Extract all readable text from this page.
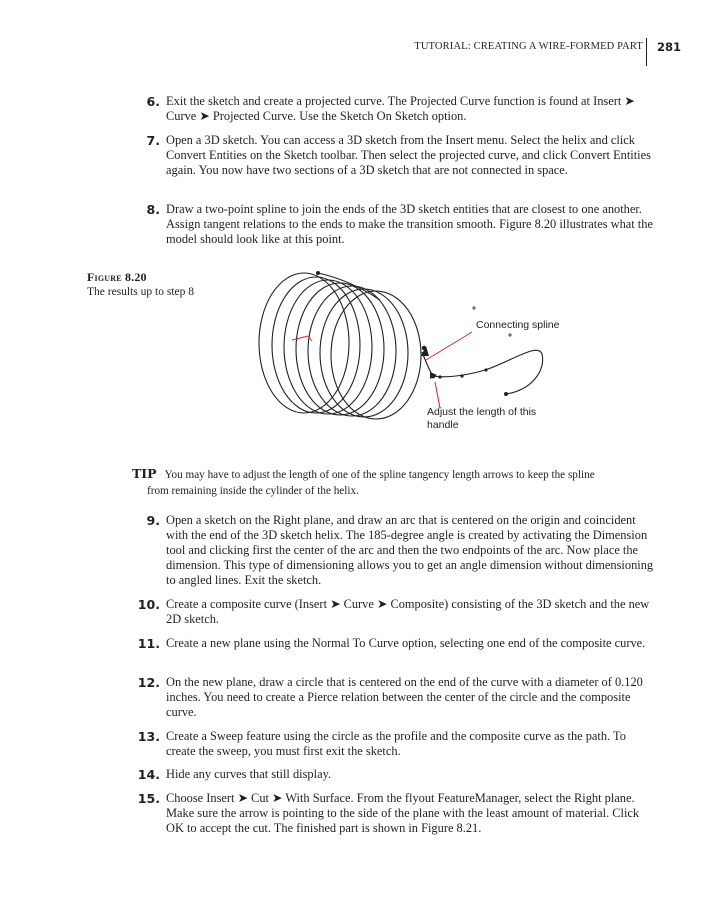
TUTORIAL: CREATING A WIRE-FORMED PART 281
6. Exit the sketch and create a projected curve. The Projected Curve function is found at Insert ➤ Curve ➤ Projected Curve. Use the Sketch On Sketch option.
7. Open a 3D sketch. You can access a 3D sketch from the Insert menu. Select the helix and click Convert Entities on the Sketch toolbar. Then select the projected curve, and click Convert Entities again. You now have two sections of a 3D sketch that are not connected in space.
8. Draw a two-point spline to join the ends of the 3D sketch entities that are closest to one another. Assign tangent relations to the ends to make the transition smooth. Figure 8.20 illustrates what the model should look like at this point.
Figure 8.20
The results up to step 8
Connecting spline
Adjust the length of this
handle
TIP You may have to adjust the length of one of the spline tangency length arrows to keep the spline
from remaining inside the cylinder of the helix.
9. Open a sketch on the Right plane, and draw an arc that is centered on the origin and coincident with the end of the 3D sketch helix. The 185-degree angle is created by activating the Dimension tool and clicking first the center of the arc and then the two endpoints of the arc. Now place the dimension. This type of dimensioning allows you to get an angle dimension without dimensioning to angled lines. Exit the sketch.
10. Create a composite curve (Insert ➤ Curve ➤ Composite) consisting of the 3D sketch and the new 2D sketch.
11. Create a new plane using the Normal To Curve option, selecting one end of the composite curve.
12. On the new plane, draw a circle that is centered on the end of the curve with a diameter of 0.120 inches. You need to create a Pierce relation between the center of the circle and the composite curve.
13. Create a Sweep feature using the circle as the profile and the composite curve as the path. To create the sweep, you must first exit the sketch.
14. Hide any curves that still display.
15. Choose Insert ➤ Cut ➤ With Surface. From the flyout FeatureManager, select the Right plane. Make sure the arrow is pointing to the side of the plane with the least amount of material. Click OK to accept the cut. The finished part is shown in Figure 8.21.
